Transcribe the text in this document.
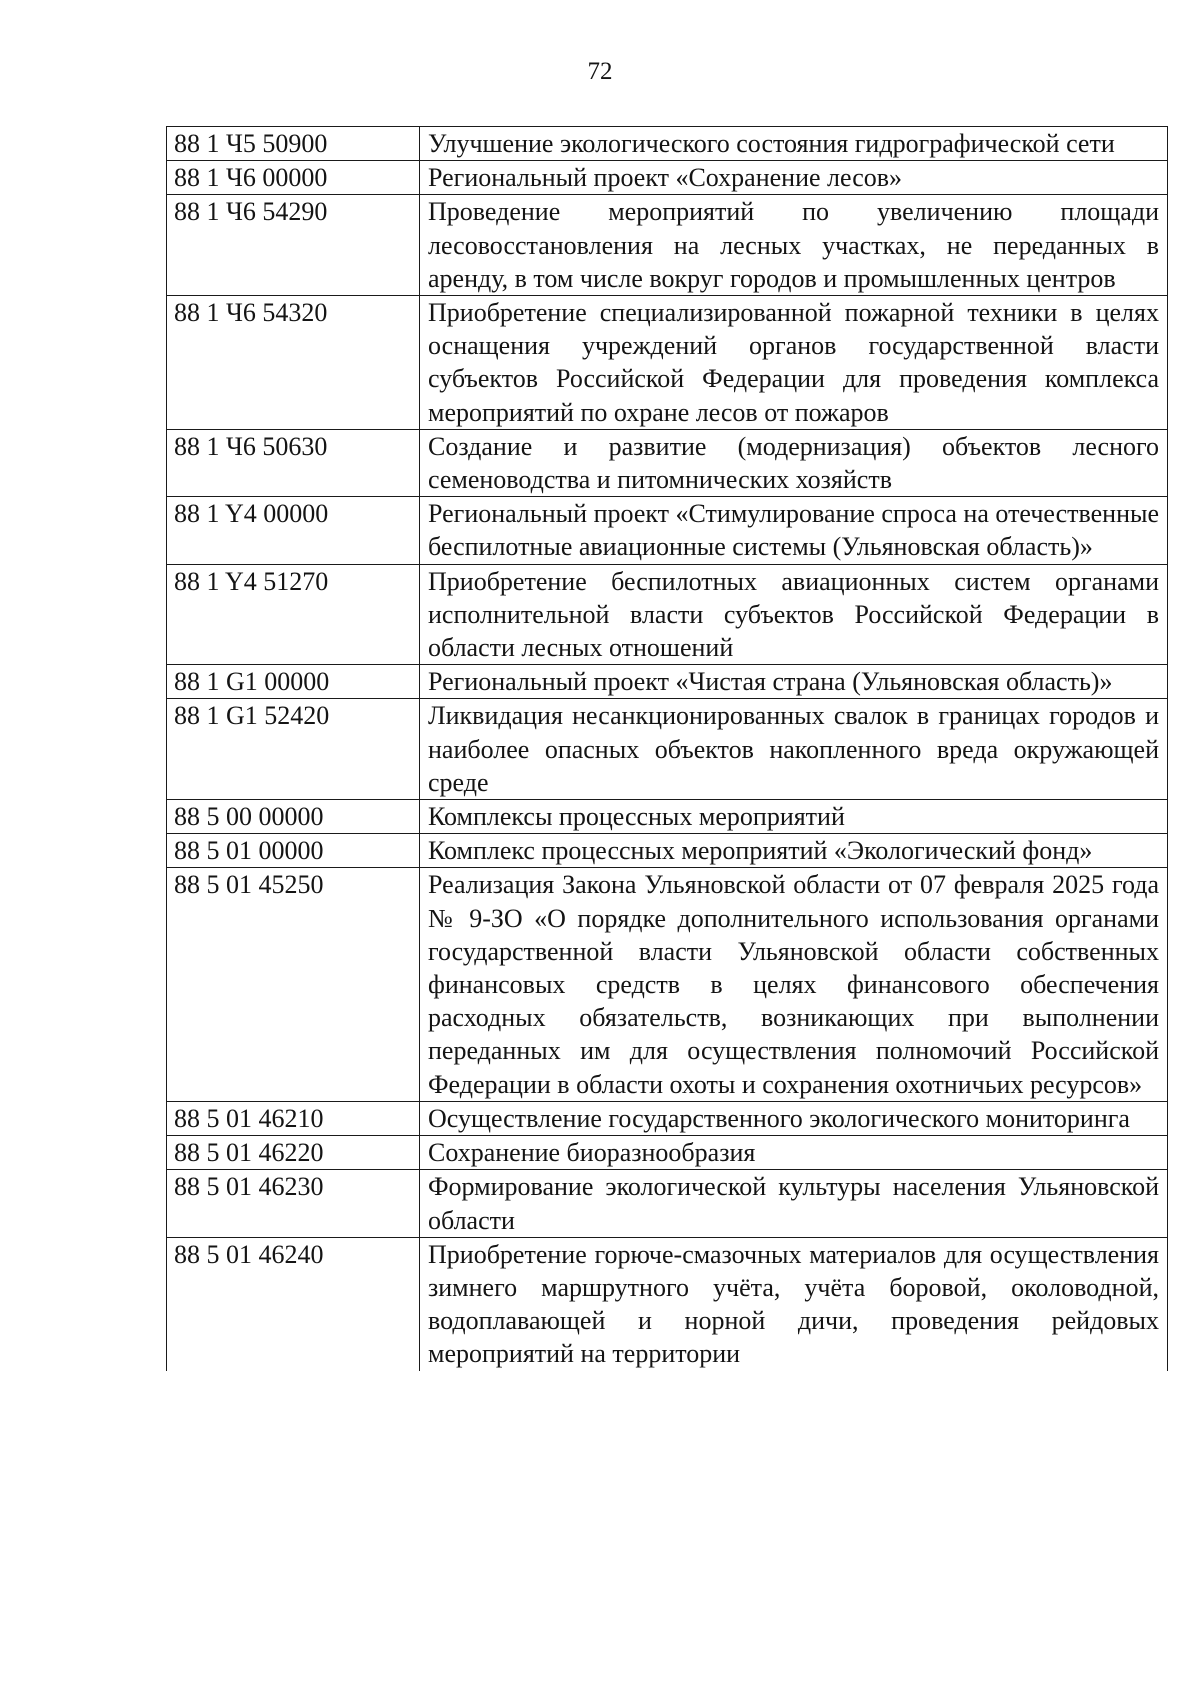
72
88 1 Ч5 50900	Улучшение экологического состояния гидрографической сети
88 1 Ч6 00000	Региональный проект «Сохранение лесов»
88 1 Ч6 54290	Проведение мероприятий по увеличению площади лесовосстановления на лесных участках, не переданных в аренду, в том числе вокруг городов и промышленных центров
88 1 Ч6 54320	Приобретение специализированной пожарной техники в целях оснащения учреждений органов государственной власти субъектов Российской Федерации для проведения комплекса мероприятий по охране лесов от пожаров
88 1 Ч6 50630	Создание и развитие (модернизация) объектов лесного семеноводства и питомнических хозяйств
88 1 Y4 00000	Региональный проект «Стимулирование спроса на отечественные беспилотные авиационные системы (Ульяновская область)»
88 1 Y4 51270	Приобретение беспилотных авиационных систем органами исполнительной власти субъектов Российской Федерации в области лесных отношений
88 1 G1 00000	Региональный проект «Чистая страна (Ульяновская область)»
88 1 G1 52420	Ликвидация несанкционированных свалок в границах городов и наиболее опасных объектов накопленного вреда окружающей среде
88 5 00 00000	Комплексы процессных мероприятий
88 5 01 00000	Комплекс процессных мероприятий «Экологический фонд»
88 5 01 45250	Реализация Закона Ульяновской области от 07 февраля 2025 года № 9-ЗО «О порядке дополнительного использования органами государственной власти Ульяновской области собственных финансовых средств в целях финансового обеспечения расходных обязательств, возникающих при выполнении переданных им для осуществления полномочий Российской Федерации в области охоты и сохранения охотничьих ресурсов»
88 5 01 46210	Осуществление государственного экологического мониторинга
88 5 01 46220	Сохранение биоразнообразия
88 5 01 46230	Формирование экологической культуры населения Ульяновской области
88 5 01 46240	Приобретение горюче-смазочных материалов для осуществления зимнего маршрутного учёта, учёта боровой, околоводной, водоплавающей и норной дичи, проведения рейдовых мероприятий на территории
